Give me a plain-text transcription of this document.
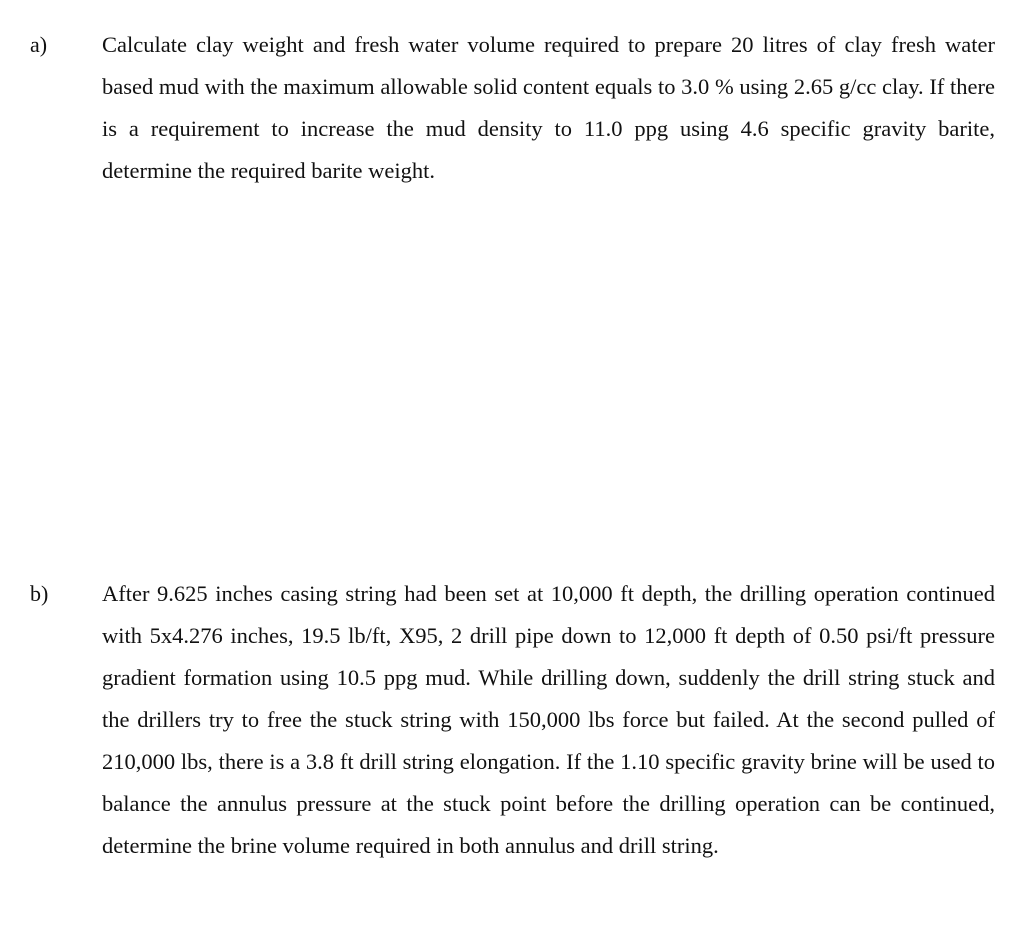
a) Calculate clay weight and fresh water volume required to prepare 20 litres of clay fresh water based mud with the maximum allowable solid content equals to 3.0 % using 2.65 g/cc clay. If there is a requirement to increase the mud density to 11.0 ppg using 4.6 specific gravity barite, determine the required barite weight.

b) After 9.625 inches casing string had been set at 10,000 ft depth, the drilling operation continued with 5x4.276 inches, 19.5 lb/ft, X95, 2 drill pipe down to 12,000 ft depth of 0.50 psi/ft pressure gradient formation using 10.5 ppg mud. While drilling down, suddenly the drill string stuck and the drillers try to free the stuck string with 150,000 lbs force but failed. At the second pulled of 210,000 lbs, there is a 3.8 ft drill string elongation. If the 1.10 specific gravity brine will be used to balance the annulus pressure at the stuck point before the drilling operation can be continued, determine the brine volume required in both annulus and drill string.
